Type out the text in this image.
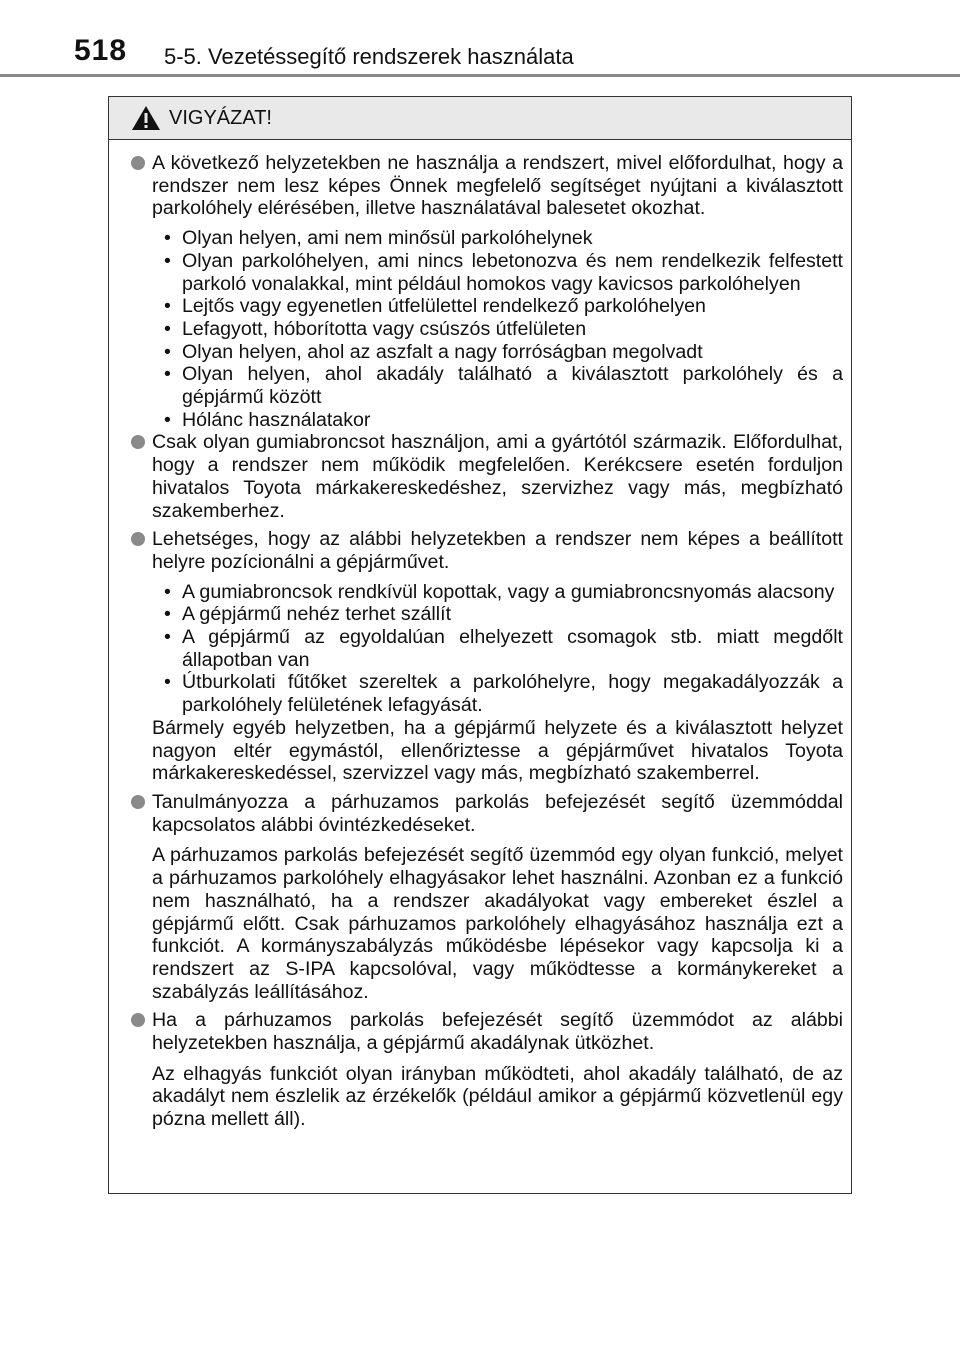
518 5-5. Vezetéssegítő rendszerek használata
VIGYÁZAT!
A következő helyzetekben ne használja a rendszert, mivel előfordulhat, hogy a rendszer nem lesz képes Önnek megfelelő segítséget nyújtani a kiválasztott parkolóhely elérésében, illetve használatával balesetet okozhat.
• Olyan helyen, ami nem minősül parkolóhelynek
• Olyan parkolóhelyen, ami nincs lebetonozva és nem rendelkezik felfestett parkoló vonalakkal, mint például homokos vagy kavicsos parkolóhelyen
• Lejtős vagy egyenetlen útfelülettel rendelkező parkolóhelyen
• Lefagyott, hóborította vagy csúszós útfelületen
• Olyan helyen, ahol az aszfalt a nagy forróságban megolvadt
• Olyan helyen, ahol akadály található a kiválasztott parkolóhely és a gépjármű között
• Hólánc használatakor
Csak olyan gumiabroncsot használjon, ami a gyártótól származik. Előfordulhat, hogy a rendszer nem működik megfelelően. Kerékcsere esetén forduljon hivatalos Toyota márkakereskedéshez, szervizhez vagy más, megbízható szakemberhez.
Lehetséges, hogy az alábbi helyzetekben a rendszer nem képes a beállított helyre pozícionálni a gépjárművet.
• A gumiabroncsok rendkívül kopottak, vagy a gumiabroncsnyomás alacsony
• A gépjármű nehéz terhet szállít
• A gépjármű az egyoldalúan elhelyezett csomagok stb. miatt megdőlt állapotban van
• Útburkolati fűtőket szereltek a parkolóhelyre, hogy megakadályozzák a parkolóhely felületének lefagyását.
Bármely egyéb helyzetben, ha a gépjármű helyzete és a kiválasztott helyzet nagyon eltér egymástól, ellenőriztesse a gépjárművet hivatalos Toyota márkakereskedéssel, szervizzel vagy más, megbízható szakemberrel.
Tanulmányozza a párhuzamos parkolás befejezését segítő üzemmóddal kapcsolatos alábbi óvintézkedéseket.
A párhuzamos parkolás befejezését segítő üzemmód egy olyan funkció, melyet a párhuzamos parkolóhely elhagyásakor lehet használni. Azonban ez a funkció nem használható, ha a rendszer akadályokat vagy embereket észlel a gépjármű előtt. Csak párhuzamos parkolóhely elhagyásához használja ezt a funkciót. A kormányszabályzás működésbe lépésekor vagy kapcsolja ki a rendszert az S-IPA kapcsolóval, vagy működtesse a kormánykereket a szabályzás leállításához.
Ha a párhuzamos parkolás befejezését segítő üzemmódot az alábbi helyzetekben használja, a gépjármű akadálynak ütközhet.
Az elhagyás funkciót olyan irányban működteti, ahol akadály található, de az akadályt nem észlelik az érzékelők (például amikor a gépjármű közvetlenül egy pózna mellett áll).
